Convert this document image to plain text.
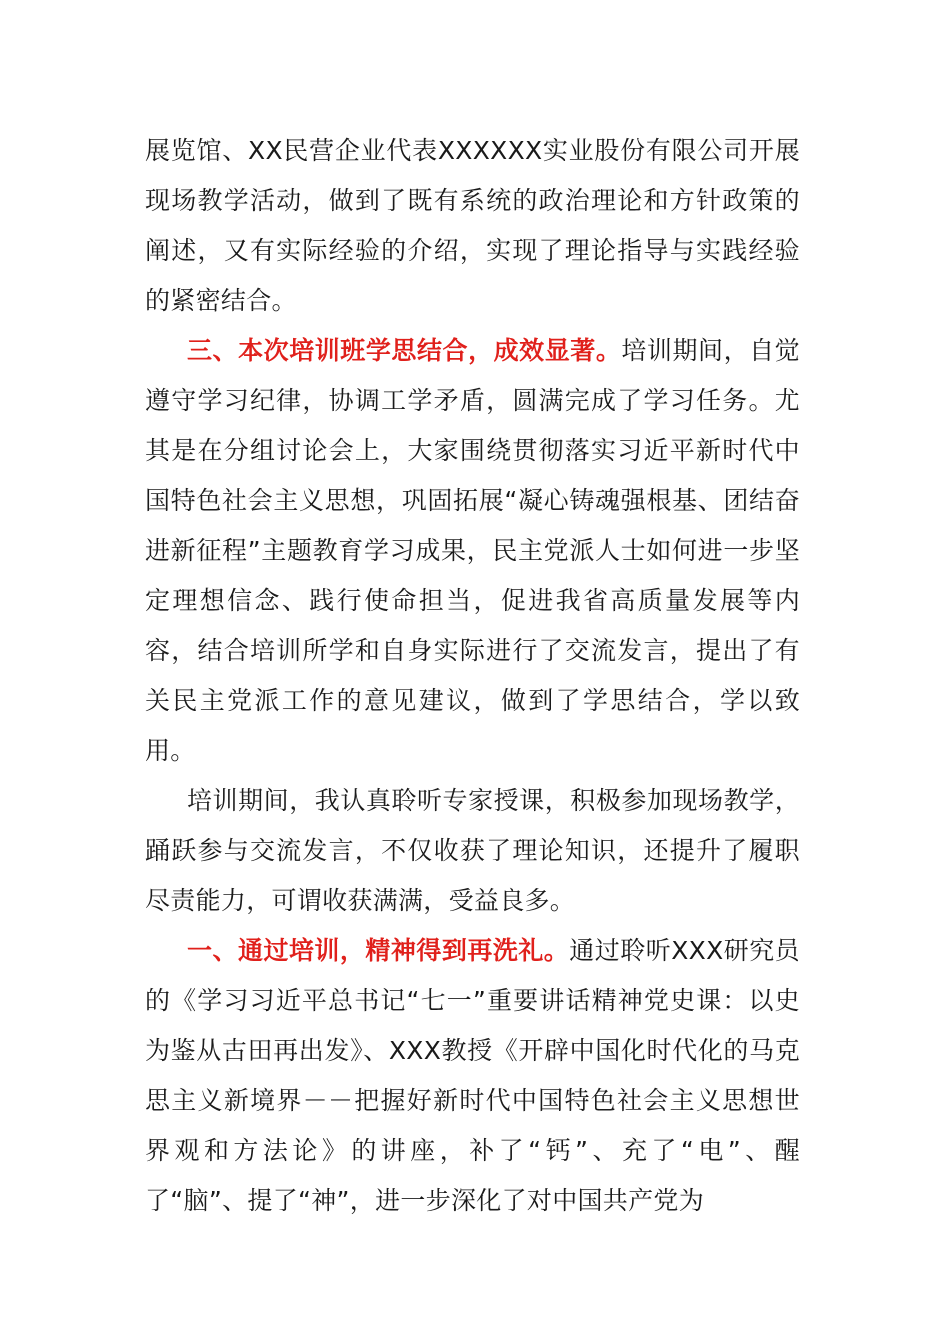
展览馆、XX民营企业代表XXXXXX实业股份有限公司开展现场教学活动，做到了既有系统的政治理论和方针政策的阐述，又有实际经验的介绍，实现了理论指导与实践经验的紧密结合。

三、本次培训班学思结合，成效显著。培训期间，自觉遵守学习纪律，协调工学矛盾，圆满完成了学习任务。尤其是在分组讨论会上，大家围绕贯彻落实习近平新时代中国特色社会主义思想，巩固拓展“凝心铸魂强根基、团结奋进新征程”主题教育学习成果，民主党派人士如何进一步坚定理想信念、践行使命担当，促进我省高质量发展等内容，结合培训所学和自身实际进行了交流发言，提出了有关民主党派工作的意见建议，做到了学思结合，学以致用。

培训期间，我认真聆听专家授课，积极参加现场教学，踊跃参与交流发言，不仅收获了理论知识，还提升了履职尽责能力，可谓收获满满，受益良多。

一、通过培训，精神得到再洗礼。通过聆听XXX研究员的《学习习近平总书记“七一”重要讲话精神党史课：以史为鉴从古田再出发》、XXX教授《开辟中国化时代化的马克思主义新境界－－把握好新时代中国特色社会主义思想世界观和方法论》的讲座，补了“钙”、充了“电”、醒了“脑”、提了“神”，进一步深化了对中国共产党为
